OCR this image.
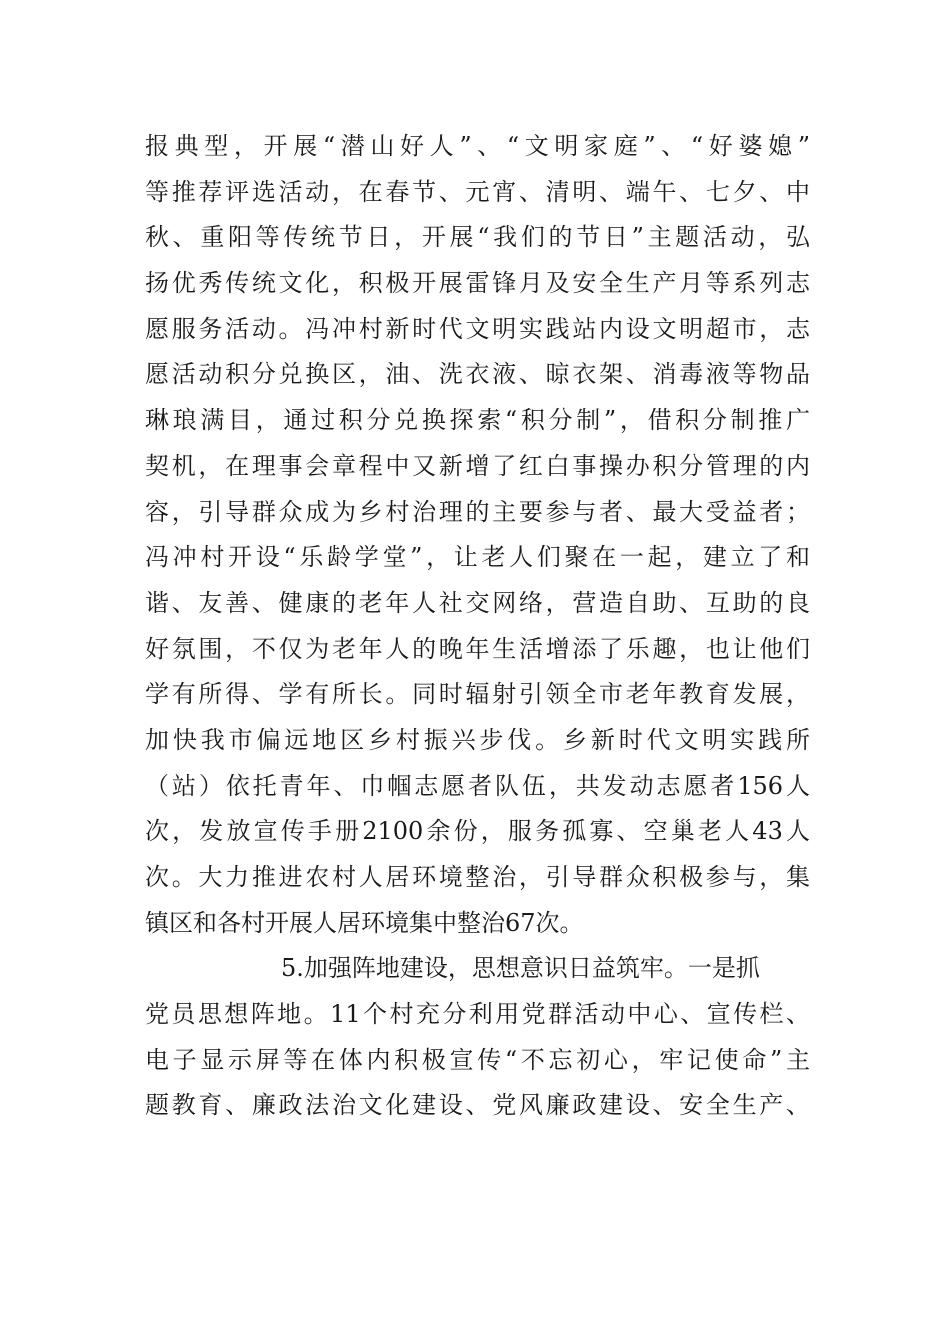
报典型，开展“潜山好人”、“文明家庭”、“好婆媳”
等推荐评选活动，在春节、元宵、清明、端午、七夕、中
秋、重阳等传统节日，开展“我们的节日”主题活动，弘
扬优秀传统文化，积极开展雷锋月及安全生产月等系列志
愿服务活动。冯冲村新时代文明实践站内设文明超市，志
愿活动积分兑换区，油、洗衣液、晾衣架、消毒液等物品
琳琅满目，通过积分兑换探索“积分制”，借积分制推广
契机，在理事会章程中又新增了红白事操办积分管理的内
容，引导群众成为乡村治理的主要参与者、最大受益者；
冯冲村开设“乐龄学堂”，让老人们聚在一起，建立了和
谐、友善、健康的老年人社交网络，营造自助、互助的良
好氛围，不仅为老年人的晚年生活增添了乐趣，也让他们
学有所得、学有所长。同时辐射引领全市老年教育发展，
加快我市偏远地区乡村振兴步伐。乡新时代文明实践所
（站）依托青年、巾帼志愿者队伍，共发动志愿者156人
次，发放宣传手册2100余份，服务孤寡、空巢老人43人
次。大力推进农村人居环境整治，引导群众积极参与，集
镇区和各村开展人居环境集中整治67次。
5.加强阵地建设，思想意识日益筑牢。一是抓
党员思想阵地。11个村充分利用党群活动中心、宣传栏、
电子显示屏等在体内积极宣传“不忘初心，牢记使命”主
题教育、廉政法治文化建设、党风廉政建设、安全生产、
